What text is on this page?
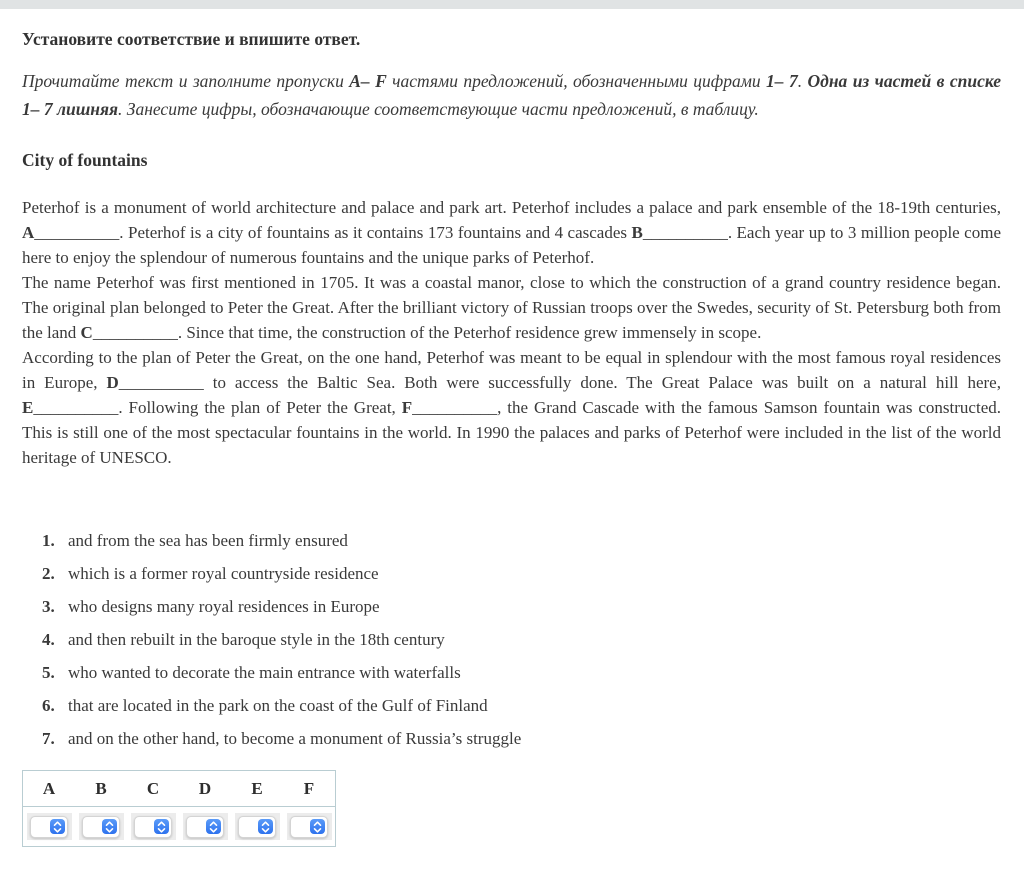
Установите соответствие и впишите ответ.

Прочитайте текст и заполните пропуски A– F частями предложений, обозначенными цифрами 1– 7. Одна из частей в списке 1– 7 лишняя. Занесите цифры, обозначающие соответствующие части предложений, в таблицу.

City of fountains

Peterhof is a monument of world architecture and palace and park art. Peterhof includes a palace and park ensemble of the 18-19th centuries, A__________. Peterhof is a city of fountains as it contains 173 fountains and 4 cascades B__________. Each year up to 3 million people come here to enjoy the splendour of numerous fountains and the unique parks of Peterhof.

The name Peterhof was first mentioned in 1705. It was a coastal manor, close to which the construction of a grand country residence began. The original plan belonged to Peter the Great. After the brilliant victory of Russian troops over the Swedes, security of St. Petersburg both from the land C__________. Since that time, the construction of the Peterhof residence grew immensely in scope.

According to the plan of Peter the Great, on the one hand, Peterhof was meant to be equal in splendour with the most famous royal residences in Europe, D__________ to access the Baltic Sea. Both were successfully done. The Great Palace was built on a natural hill here, E__________. Following the plan of Peter the Great, F__________, the Grand Cascade with the famous Samson fountain was constructed. This is still one of the most spectacular fountains in the world. In 1990 the palaces and parks of Peterhof were included in the list of the world heritage of UNESCO.

1. and from the sea has been firmly ensured
2. which is a former royal countryside residence
3. who designs many royal residences in Europe
4. and then rebuilt in the baroque style in the 18th century
5. who wanted to decorate the main entrance with waterfalls
6. that are located in the park on the coast of the Gulf of Finland
7. and on the other hand, to become a monument of Russia’s struggle
A	B	C	D	E	F
